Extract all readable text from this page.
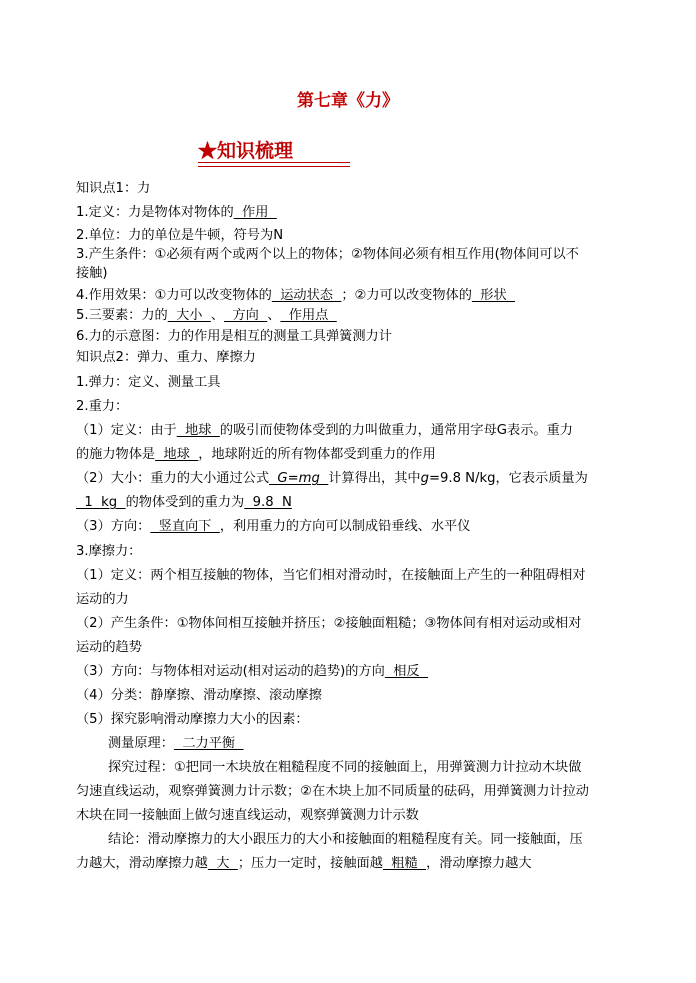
第七章《力》
★知识梳理
知识点1：力
1.定义：力是物体对物体的  作用
2.单位：力的单位是牛顿，符号为N
3.产生条件：①必须有两个或两个以上的物体；②物体间必须有相互作用(物体间可以不
接触)
4.作用效果：①力可以改变物体的  运动状态  ；②力可以改变物体的  形状
5.三要素：力的  大小  、  方向  、  作用点
6.力的示意图：力的作用是相互的测量工具弹簧测力计
知识点2：弹力、重力、摩擦力
1.弹力：定义、测量工具
2.重力：
（1）定义：由于  地球  的吸引而使物体受到的力叫做重力，通常用字母G表示。重力
的施力物体是  地球  ，地球附近的所有物体都受到重力的作用
（2）大小：重力的大小通过公式  G=mg  计算得出，其中g=9.8 N/kg，它表示质量为
1  kg  的物体受到的重力为  9.8  N
（3）方向：  竖直向下  ，利用重力的方向可以制成铅垂线、水平仪
3.摩擦力：
（1）定义：两个相互接触的物体，当它们相对滑动时，在接触面上产生的一种阻碍相对
运动的力
（2）产生条件：①物体间相互接触并挤压；②接触面粗糙；③物体间有相对运动或相对
运动的趋势
（3）方向：与物体相对运动(相对运动的趋势)的方向  相反
（4）分类：静摩擦、滑动摩擦、滚动摩擦
（5）探究影响滑动摩擦力大小的因素：
测量原理：  二力平衡
探究过程：①把同一木块放在粗糙程度不同的接触面上，用弹簧测力计拉动木块做
匀速直线运动，观察弹簧测力计示数；②在木块上加不同质量的砝码，用弹簧测力计拉动
木块在同一接触面上做匀速直线运动，观察弹簧测力计示数
结论：滑动摩擦力的大小跟压力的大小和接触面的粗糙程度有关。同一接触面，压
力越大，滑动摩擦力越  大  ；压力一定时，接触面越  粗糙  ，滑动摩擦力越大
